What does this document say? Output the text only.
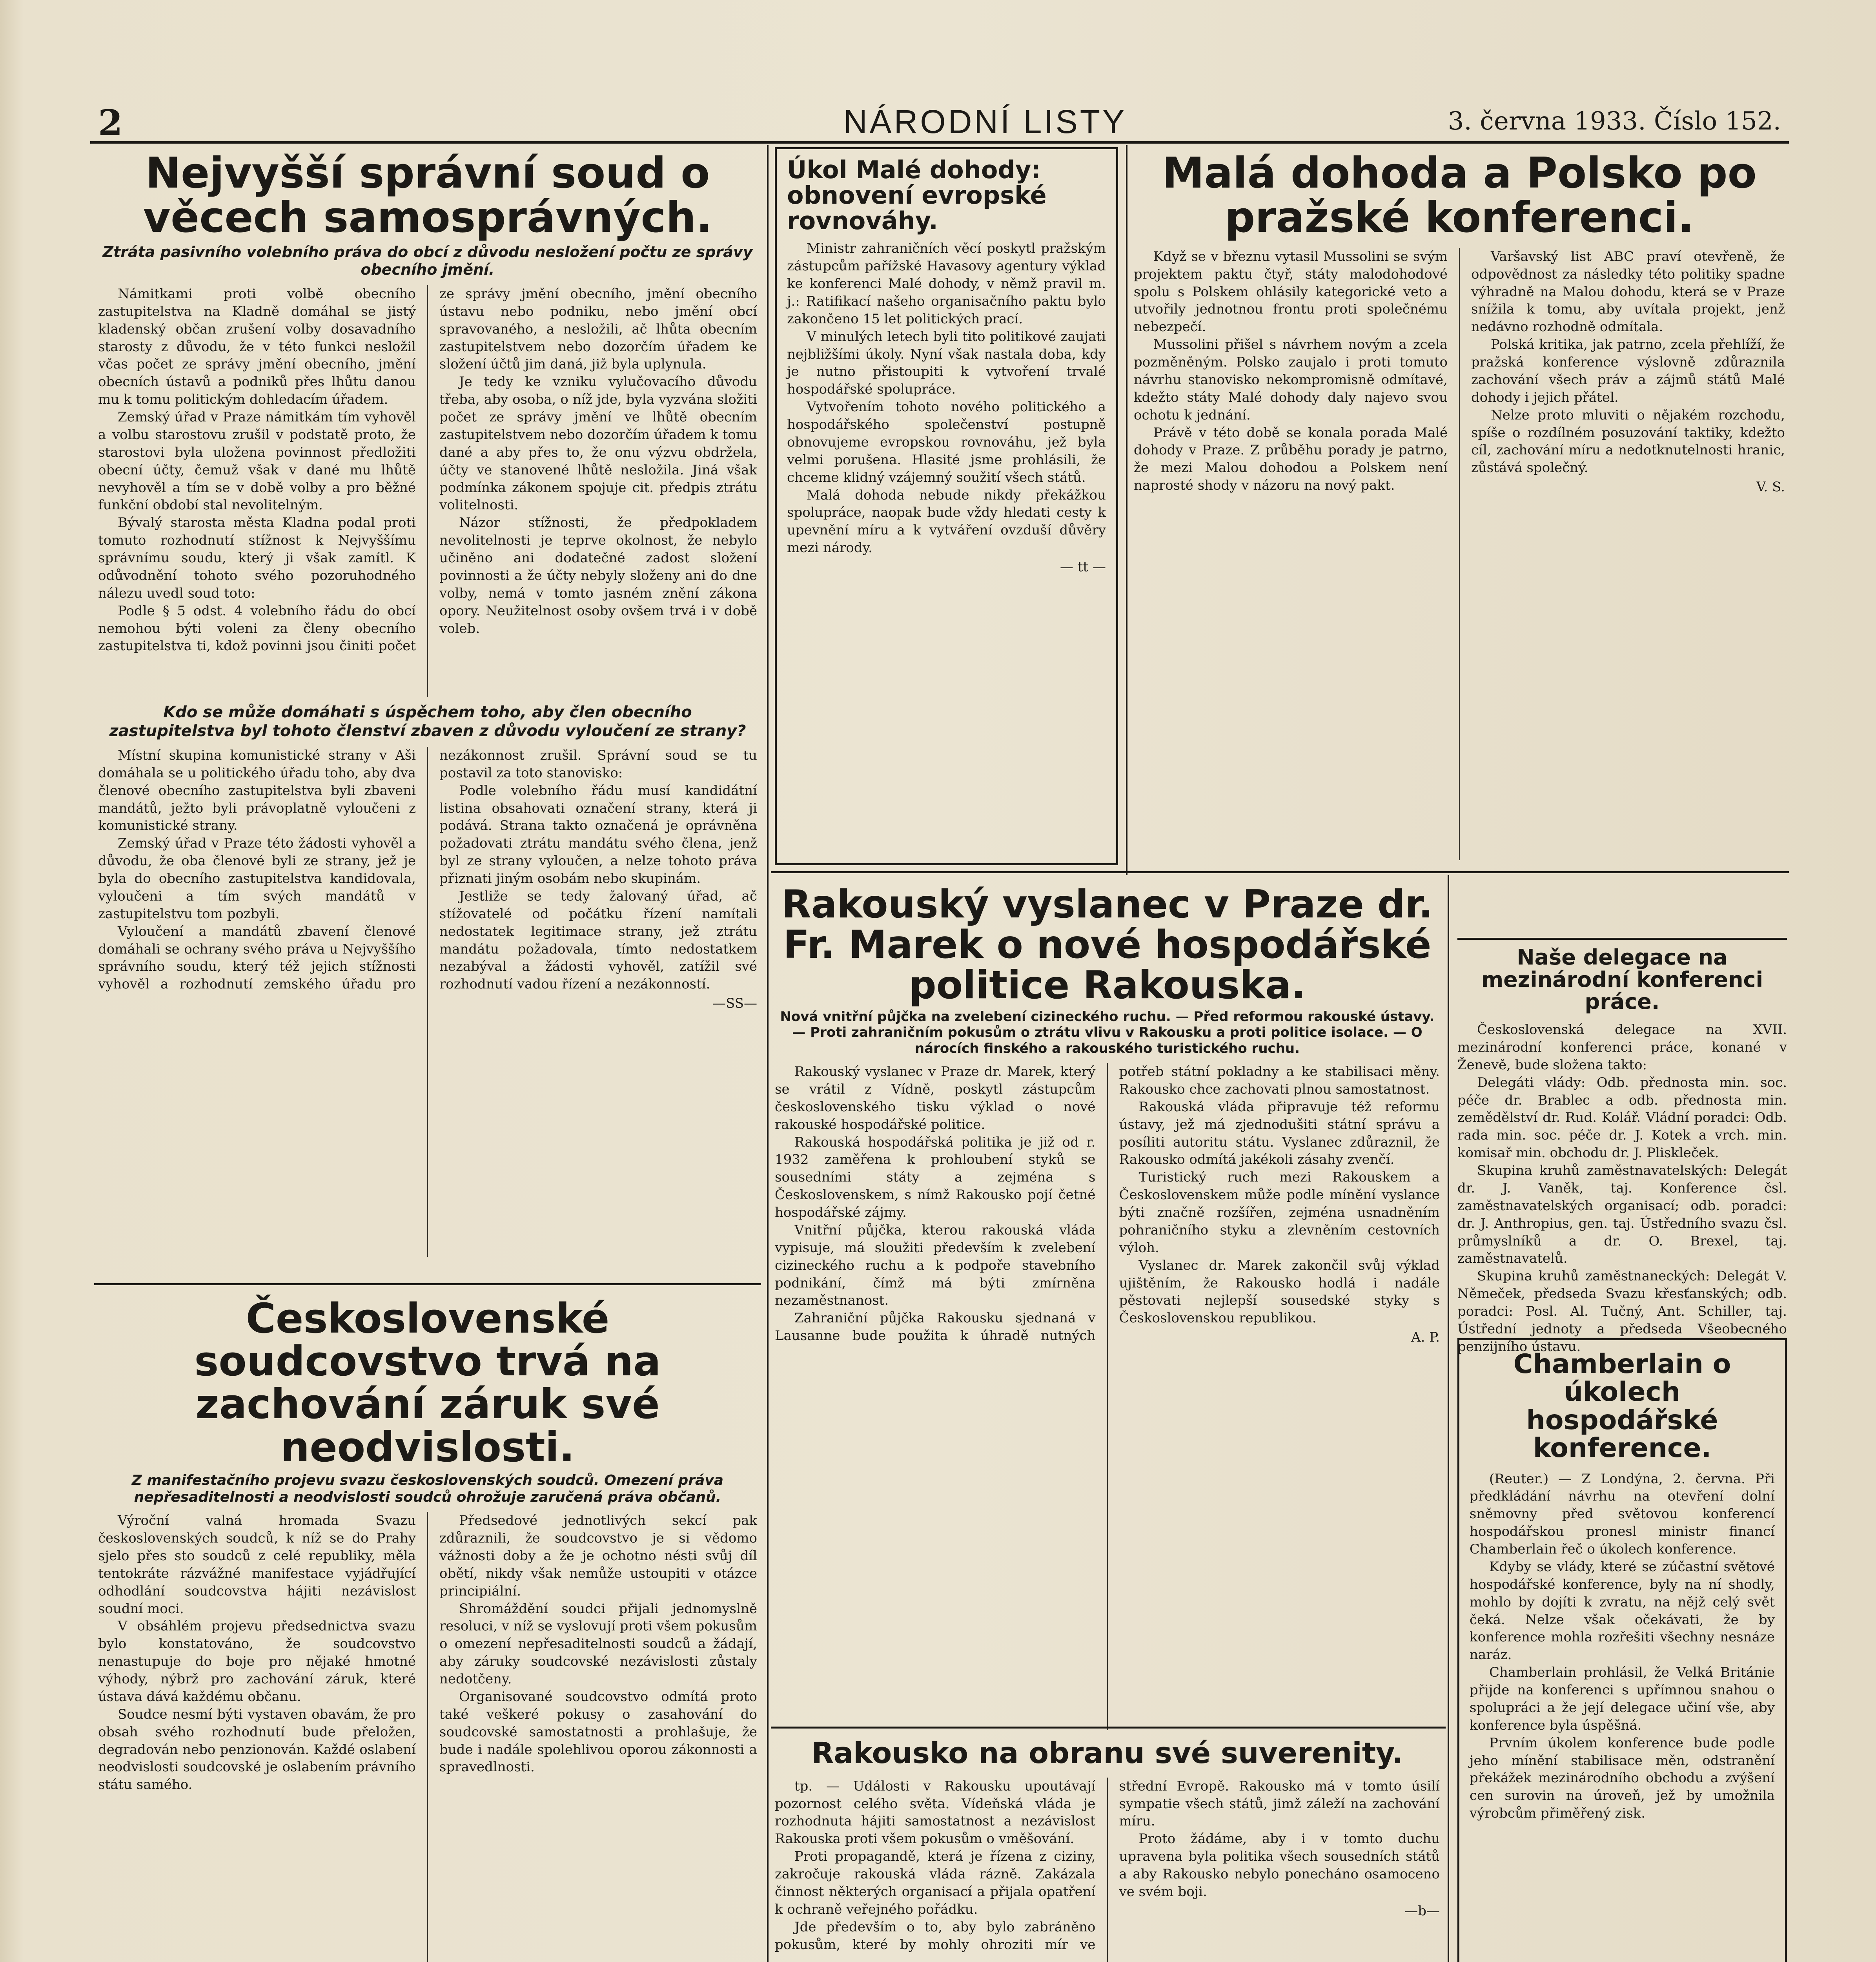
2	NÁRODNÍ LISTY	3. června 1933. Číslo 152.
Nejvyšší správní soud o věcech samosprávných.
Ztráta pasivního volebního práva do obcí z důvodu nesložení počtu ze správy obecního jmění.

Námitkami proti volbě obecního zastupitelstva na Kladně domáhal se jistý kladenský občan zrušení volby dosavadního starosty z důvodu, že v této funkci nesložil včas počet ze správy jmění obecního, jmění obecních ústavů a podniků přes lhůtu danou mu k tomu politickým dohledacím úřadem.

Zemský úřad v Praze námitkám tím vyhověl a volbu starostovu zrušil v podstatě proto, že starostovi byla uložena povinnost předložiti obecní účty, čemuž však v dané mu lhůtě nevyhověl a tím se v době volby a pro běžné funkční období stal nevolitelným.

Bývalý starosta města Kladna podal proti tomuto rozhodnutí stížnost k Nejvyššímu správnímu soudu, který ji však zamítl. K odůvodnění tohoto svého pozoruhodného nálezu uvedl soud toto:

Podle § 5 odst. 4 volebního řádu do obcí nemohou býti voleni za členy obecního zastupitelstva ti, kdož povinni jsou činiti počet ze správy jmění obecního, jmění obecního ústavu nebo podniku, nebo jmění obcí spravovaného, a nesložili, ač lhůta obecním zastupitelstvem nebo dozorčím úřadem ke složení účtů jim daná, již byla uplynula.

Je tedy ke vzniku vylučovacího důvodu třeba, aby osoba, o níž jde, byla vyzvána složiti počet ze správy jmění ve lhůtě obecním zastupitelstvem nebo dozorčím úřadem k tomu dané a aby přes to, že onu výzvu obdržela, účty ve stanovené lhůtě nesložila. Jiná však podmínka zákonem spojuje cit. předpis ztrátu volitelnosti.

Názor stížnosti, že předpokladem nevolitelnosti je teprve okolnost, že nebylo učiněno ani dodatečné zadost složení povinnosti a že účty nebyly složeny ani do dne volby, nemá v tomto jasném znění zákona opory. Neužitelnost osoby ovšem trvá i v době voleb.

Kdo se může domáhati s úspěchem toho, aby člen obecního zastupitelstva byl tohoto členství zbaven z důvodu vyloučení ze strany?

Místní skupina komunistické strany v Aši domáhala se u politického úřadu toho, aby dva členové obecního zastupitelstva byli zbaveni mandátů, ježto byli právoplatně vyloučeni z komunistické strany.

Zemský úřad v Praze této žádosti vyhověl a důvodu, že oba členové byli ze strany, jež je byla do obecního zastupitelstva kandidovala, vyloučeni a tím svých mandátů v zastupitelstvu tom pozbyli.

Vyloučení a mandátů zbavení členové domáhali se ochrany svého práva u Nejvyššího správního soudu, který též jejich stížnosti vyhověl a rozhodnutí zemského úřadu pro nezákonnost zrušil. Správní soud se tu postavil za toto stanovisko:

Podle volebního řádu musí kandidátní listina obsahovati označení strany, která ji podává. Strana takto označená je oprávněna požadovati ztrátu mandátu svého člena, jenž byl ze strany vyloučen, a nelze tohoto práva přiznati jiným osobám nebo skupinám.

Jestliže se tedy žalovaný úřad, ač stížovatelé od počátku řízení namítali nedostatek legitimace strany, jež ztrátu mandátu požadovala, tímto nedostatkem nezabýval a žádosti vyhověl, zatížil své rozhodnutí vadou řízení a nezákonností.

—SS—
Československé soudcovstvo trvá na zachování záruk své neodvislosti.
Z manifestačního projevu svazu československých soudců. Omezení práva nepřesaditelnosti a neodvislosti soudců ohrožuje zaručená práva občanů.

Výroční valná hromada Svazu československých soudců, k níž se do Prahy sjelo přes sto soudců z celé republiky, měla tentokráte rázvážné manifestace vyjádřující odhodlání soudcovstva hájiti nezávislost soudní moci.

V obsáhlém projevu předsednictva svazu bylo konstatováno, že soudcovstvo nenastupuje do boje pro nějaké hmotné výhody, nýbrž pro zachování záruk, které ústava dává každému občanu.

Soudce nesmí býti vystaven obavám, že pro obsah svého rozhodnutí bude přeložen, degradován nebo penzionován. Každé oslabení neodvislosti soudcovské je oslabením právního státu samého.

Předsedové jednotlivých sekcí pak zdůraznili, že soudcovstvo je si vědomo vážnosti doby a že je ochotno nésti svůj díl obětí, nikdy však nemůže ustoupiti v otázce principiální.

Shromáždění soudci přijali jednomyslně resoluci, v níž se vyslovují proti všem pokusům o omezení nepřesaditelnosti soudců a žádají, aby záruky soudcovské nezávislosti zůstaly nedotčeny.

Organisované soudcovstvo odmítá proto také veškeré pokusy o zasahování do soudcovské samostatnosti a prohlašuje, že bude i nadále spolehlivou oporou zákonnosti a spravedlnosti.

Úkol Malé dohody: obnovení evropské rovnováhy.

Ministr zahraničních věcí poskytl pražským zástupcům pařížské Havasovy agentury výklad ke konferenci Malé dohody, v němž pravil m. j.: Ratifikací našeho organisačního paktu bylo zakončeno 15 let politických prací.

V minulých letech byli tito politikové zaujati nejbližšími úkoly. Nyní však nastala doba, kdy je nutno přistoupiti k vytvoření trvalé hospodářské spolupráce.

Vytvořením tohoto nového politického a hospodářského společenství postupně obnovujeme evropskou rovnováhu, jež byla velmi porušena. Hlasité jsme prohlásili, že chceme klidný vzájemný soužití všech států.

Malá dohoda nebude nikdy překážkou spolupráce, naopak bude vždy hledati cesty k upevnění míru a k vytváření ovzduší důvěry mezi národy.

— tt —
Malá dohoda a Polsko po pražské konferenci.

Když se v březnu vytasil Mussolini se svým projektem paktu čtyř, státy malodohodové spolu s Polskem ohlásily kategorické veto a utvořily jednotnou frontu proti společnému nebezpečí.

Mussolini přišel s návrhem novým a zcela pozměněným. Polsko zaujalo i proti tomuto návrhu stanovisko nekompromisně odmítavé, kdežto státy Malé dohody daly najevo svou ochotu k jednání.

Právě v této době se konala porada Malé dohody v Praze. Z průběhu porady je patrno, že mezi Malou dohodou a Polskem není naprosté shody v názoru na nový pakt.

Varšavský list ABC praví otevřeně, že odpovědnost za následky této politiky spadne výhradně na Malou dohodu, která se v Praze snížila k tomu, aby uvítala projekt, jenž nedávno rozhodně odmítala.

Polská kritika, jak patrno, zcela přehlíží, že pražská konference výslovně zdůraznila zachování všech práv a zájmů států Malé dohody i jejich přátel.

Nelze proto mluviti o nějakém rozchodu, spíše o rozdílném posuzování taktiky, kdežto cíl, zachování míru a nedotknutelnosti hranic, zůstává společný.

V. S.
Rakouský vyslanec v Praze dr. Fr. Marek o nové hospodářské politice Rakouska.
Nová vnitřní půjčka na zvelebení cizineckého ruchu. — Před reformou rakouské ústavy. — Proti zahraničním pokusům o ztrátu vlivu v Rakousku a proti politice isolace. — O nárocích finského a rakouského turistického ruchu.

Rakouský vyslanec v Praze dr. Marek, který se vrátil z Vídně, poskytl zástupcům československého tisku výklad o nové rakouské hospodářské politice.

Rakouská hospodářská politika je již od r. 1932 zaměřena k prohloubení styků se sousedními státy a zejména s Československem, s nímž Rakousko pojí četné hospodářské zájmy.

Vnitřní půjčka, kterou rakouská vláda vypisuje, má sloužiti především k zvelebení cizineckého ruchu a k podpoře stavebního podnikání, čímž má býti zmírněna nezaměstnanost.

Zahraniční půjčka Rakousku sjednaná v Lausanne bude použita k úhradě nutných potřeb státní pokladny a ke stabilisaci měny. Rakousko chce zachovati plnou samostatnost.

Rakouská vláda připravuje též reformu ústavy, jež má zjednodušiti státní správu a posíliti autoritu státu. Vyslanec zdůraznil, že Rakousko odmítá jakékoli zásahy zvenčí.

Turistický ruch mezi Rakouskem a Československem může podle mínění vyslance býti značně rozšířen, zejména usnadněním pohraničního styku a zlevněním cestovních výloh.

Vyslanec dr. Marek zakončil svůj výklad ujištěním, že Rakousko hodlá i nadále pěstovati nejlepší sousedské styky s Československou republikou.

A. P.
Rakousko na obranu své suverenity.

tp. — Události v Rakousku upoutávají pozornost celého světa. Vídeňská vláda je rozhodnuta hájiti samostatnost a nezávislost Rakouska proti všem pokusům o vměšování.

Proti propagandě, která je řízena z ciziny, zakročuje rakouská vláda rázně. Zakázala činnost některých organisací a přijala opatření k ochraně veřejného pořádku.

Jde především o to, aby bylo zabráněno pokusům, které by mohly ohroziti mír ve střední Evropě. Rakousko má v tomto úsilí sympatie všech států, jimž záleží na zachování míru.

Proto žádáme, aby i v tomto duchu upravena byla politika všech sousedních států a aby Rakousko nebylo ponecháno osamoceno ve svém boji.

—b—

Naše delegace na mezinárodní konferenci práce.

Československá delegace na XVII. mezinárodní konferenci práce, konané v Ženevě, bude složena takto:

Delegáti vlády: Odb. přednosta min. soc. péče dr. Brablec a odb. přednosta min. zemědělství dr. Rud. Kolář. Vládní poradci: Odb. rada min. soc. péče dr. J. Kotek a vrch. min. komisař min. obchodu dr. J. Pliskleček.

Skupina kruhů zaměstnavatelských: Delegát dr. J. Vaněk, taj. Konference čsl. zaměstnavatelských organisací; odb. poradci: dr. J. Anthropius, gen. taj. Ústředního svazu čsl. průmyslníků a dr. O. Brexel, taj. zaměstnavatelů.

Skupina kruhů zaměstnaneckých: Delegát V. Němeček, předseda Svazu křesťanských; odb. poradci: Posl. Al. Tučný, Ant. Schiller, taj. Ústřední jednoty a předseda Všeobecného penzijního ústavu.

Chamberlain o úkolech hospodářské konference.

(Reuter.) — Z Londýna, 2. června. Při předkládání návrhu na otevření dolní sněmovny před světovou konferencí hospodářskou pronesl ministr financí Chamberlain řeč o úkolech konference.

Kdyby se vlády, které se zúčastní světové hospodářské konference, byly na ní shodly, mohlo by dojíti k zvratu, na nějž celý svět čeká. Nelze však očekávati, že by konference mohla rozřešiti všechny nesnáze naráz.

Chamberlain prohlásil, že Velká Británie přijde na konferenci s upřímnou snahou o spolupráci a že její delegace učiní vše, aby konference byla úspěšná.

Prvním úkolem konference bude podle jeho mínění stabilisace měn, odstranění překážek mezinárodního obchodu a zvýšení cen surovin na úroveň, jež by umožnila výrobcům přiměřený zisk.
